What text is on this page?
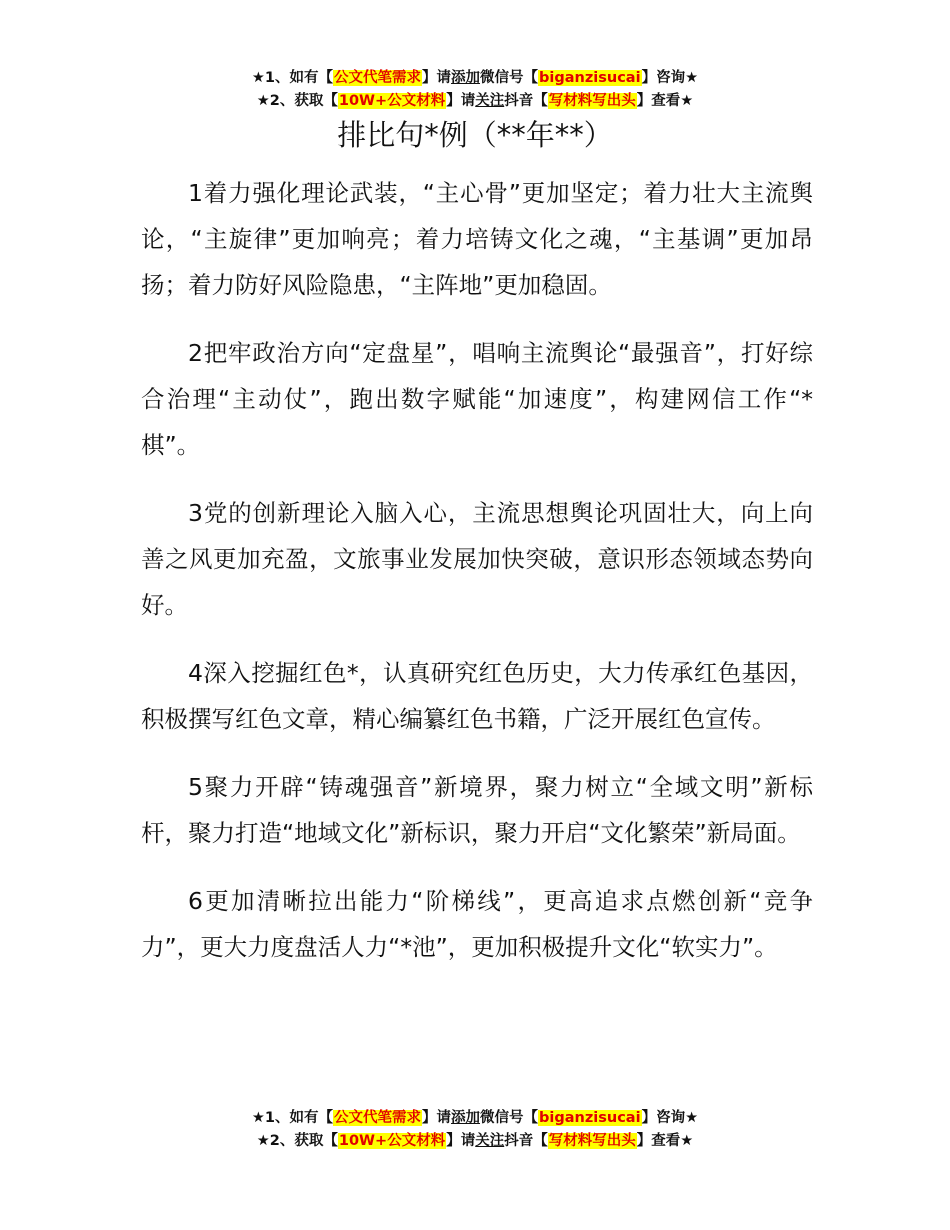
★1、如有【公文代笔需求】请添加微信号【biganzisucai】咨询★
★2、获取【10W+公文材料】请关注抖音【写材料写出头】查看★
排比句*例（**年**）

1着力强化理论武装，“主心骨”更加坚定；着力壮大主流舆论，“主旋律”更加响亮；着力培铸文化之魂，“主基调”更加昂扬；着力防好风险隐患，“主阵地”更加稳固。

2把牢政治方向“定盘星”，唱响主流舆论“最强音”，打好综合治理“主动仗”，跑出数字赋能“加速度”，构建网信工作“*棋”。

3党的创新理论入脑入心，主流思想舆论巩固壮大，向上向善之风更加充盈，文旅事业发展加快突破，意识形态领域态势向好。

4深入挖掘红色*，认真研究红色历史，大力传承红色基因，积极撰写红色文章，精心编纂红色书籍，广泛开展红色宣传。

5聚力开辟“铸魂强音”新境界，聚力树立“全域文明”新标杆，聚力打造“地域文化”新标识，聚力开启“文化繁荣”新局面。

6更加清晰拉出能力“阶梯线”，更高追求点燃创新“竞争力”，更大力度盘活人力“*池”，更加积极提升文化“软实力”。

★1、如有【公文代笔需求】请添加微信号【biganzisucai】咨询★
★2、获取【10W+公文材料】请关注抖音【写材料写出头】查看★
